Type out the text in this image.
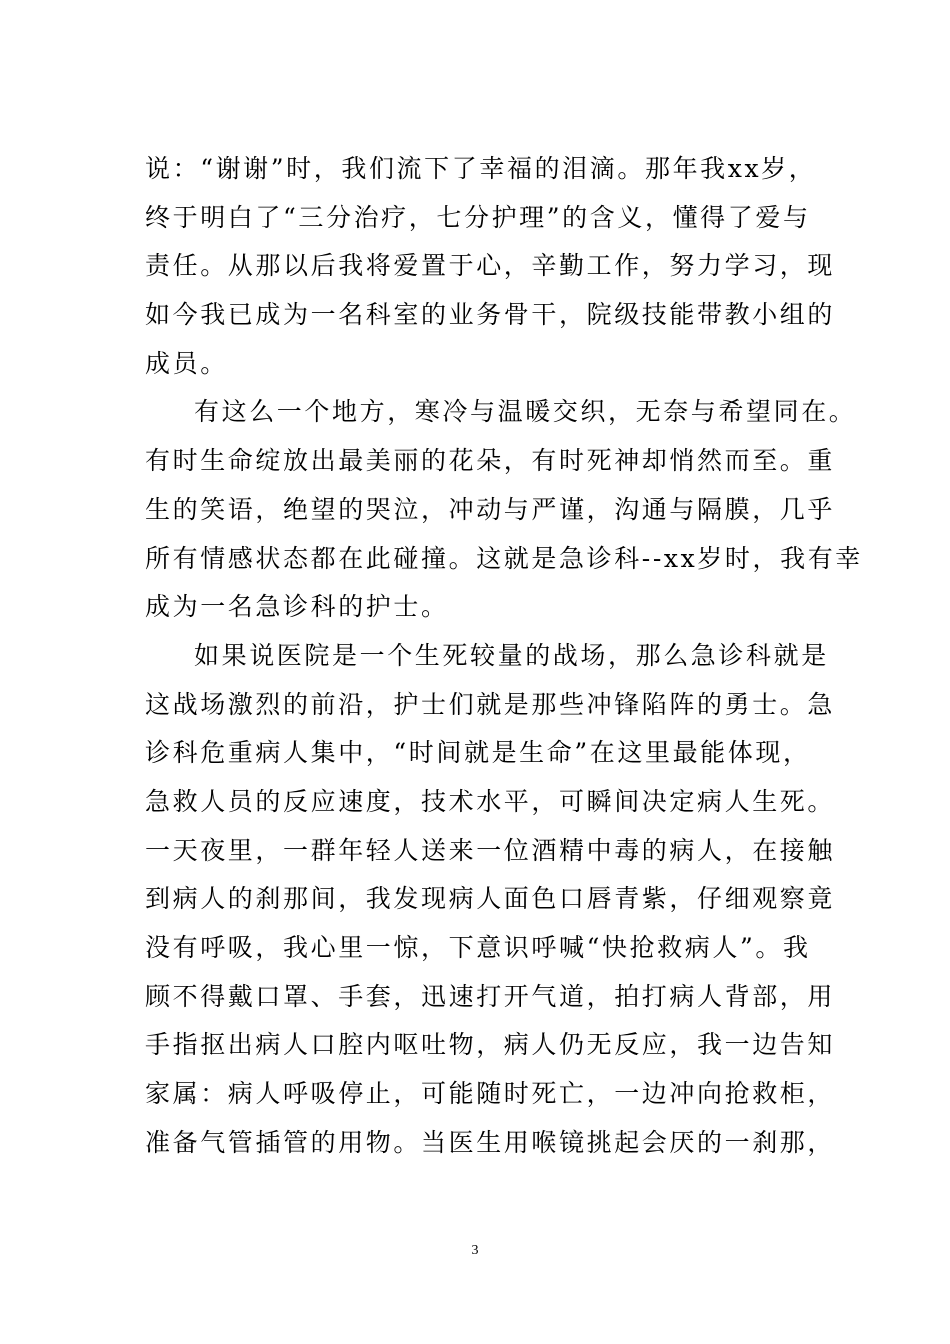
说：“谢谢”时，我们流下了幸福的泪滴。那年我xx岁，
终于明白了“三分治疗，七分护理”的含义，懂得了爱与
责任。从那以后我将爱置于心，辛勤工作，努力学习，现
如今我已成为一名科室的业务骨干，院级技能带教小组的
成员。
有这么一个地方，寒冷与温暖交织，无奈与希望同在。
有时生命绽放出最美丽的花朵，有时死神却悄然而至。重
生的笑语，绝望的哭泣，冲动与严谨，沟通与隔膜，几乎
所有情感状态都在此碰撞。这就是急诊科--xx岁时，我有幸
成为一名急诊科的护士。
如果说医院是一个生死较量的战场，那么急诊科就是
这战场激烈的前沿，护士们就是那些冲锋陷阵的勇士。急
诊科危重病人集中，“时间就是生命”在这里最能体现，
急救人员的反应速度，技术水平，可瞬间决定病人生死。
一天夜里，一群年轻人送来一位酒精中毒的病人，在接触
到病人的刹那间，我发现病人面色口唇青紫，仔细观察竟
没有呼吸，我心里一惊，下意识呼喊“快抢救病人”。我
顾不得戴口罩、手套，迅速打开气道，拍打病人背部，用
手指抠出病人口腔内呕吐物，病人仍无反应，我一边告知
家属：病人呼吸停止，可能随时死亡，一边冲向抢救柜，
准备气管插管的用物。当医生用喉镜挑起会厌的一刹那，
3
